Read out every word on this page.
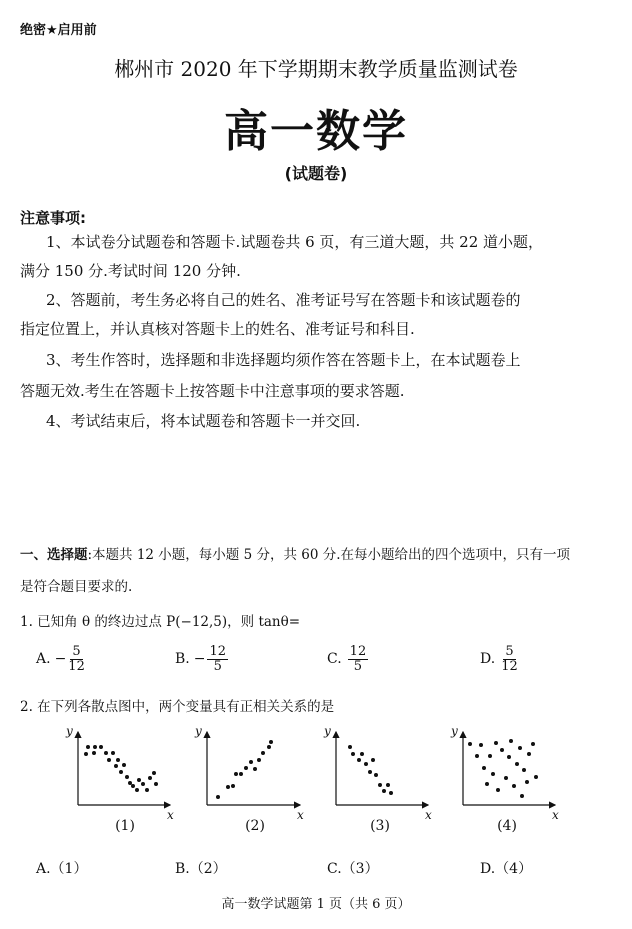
绝密★启用前
郴州市 2020 年下学期期末教学质量监测试卷
高一数学
(试题卷)
注意事项:
1、本试卷分试题卷和答题卡.试题卷共 6 页，有三道大题，共 22 道小题，
满分 150 分.考试时间 120 分钟.
2、答题前，考生务必将自己的姓名、准考证号写在答题卡和该试题卷的
指定位置上，并认真核对答题卡上的姓名、准考证号和科目.
3、考生作答时，选择题和非选择题均须作答在答题卡上，在本试题卷上
答题无效.考生在答题卡上按答题卡中注意事项的要求答题.
4、考试结束后，将本试题卷和答题卡一并交回.
一、选择题:本题共 12 小题，每小题 5 分，共 60 分.在每小题给出的四个选项中，只有一项
是符合题目要求的.
1. 已知角 θ 的终边过点 P(−12,5)，则 tanθ=
A. − $\frac{5}{12}$	B. − $\frac{12}{5}$	C. $\frac{12}{5}$	D. $\frac{5}{12}$
2. 在下列各散点图中，两个变量具有正相关关系的是
y
x
y
x
y
x
y
x
(1)	(2)	(3)	(4)
A.（1）	B.（2）	C.（3）	D.（4）
高一数学试题第 1 页（共 6 页）
